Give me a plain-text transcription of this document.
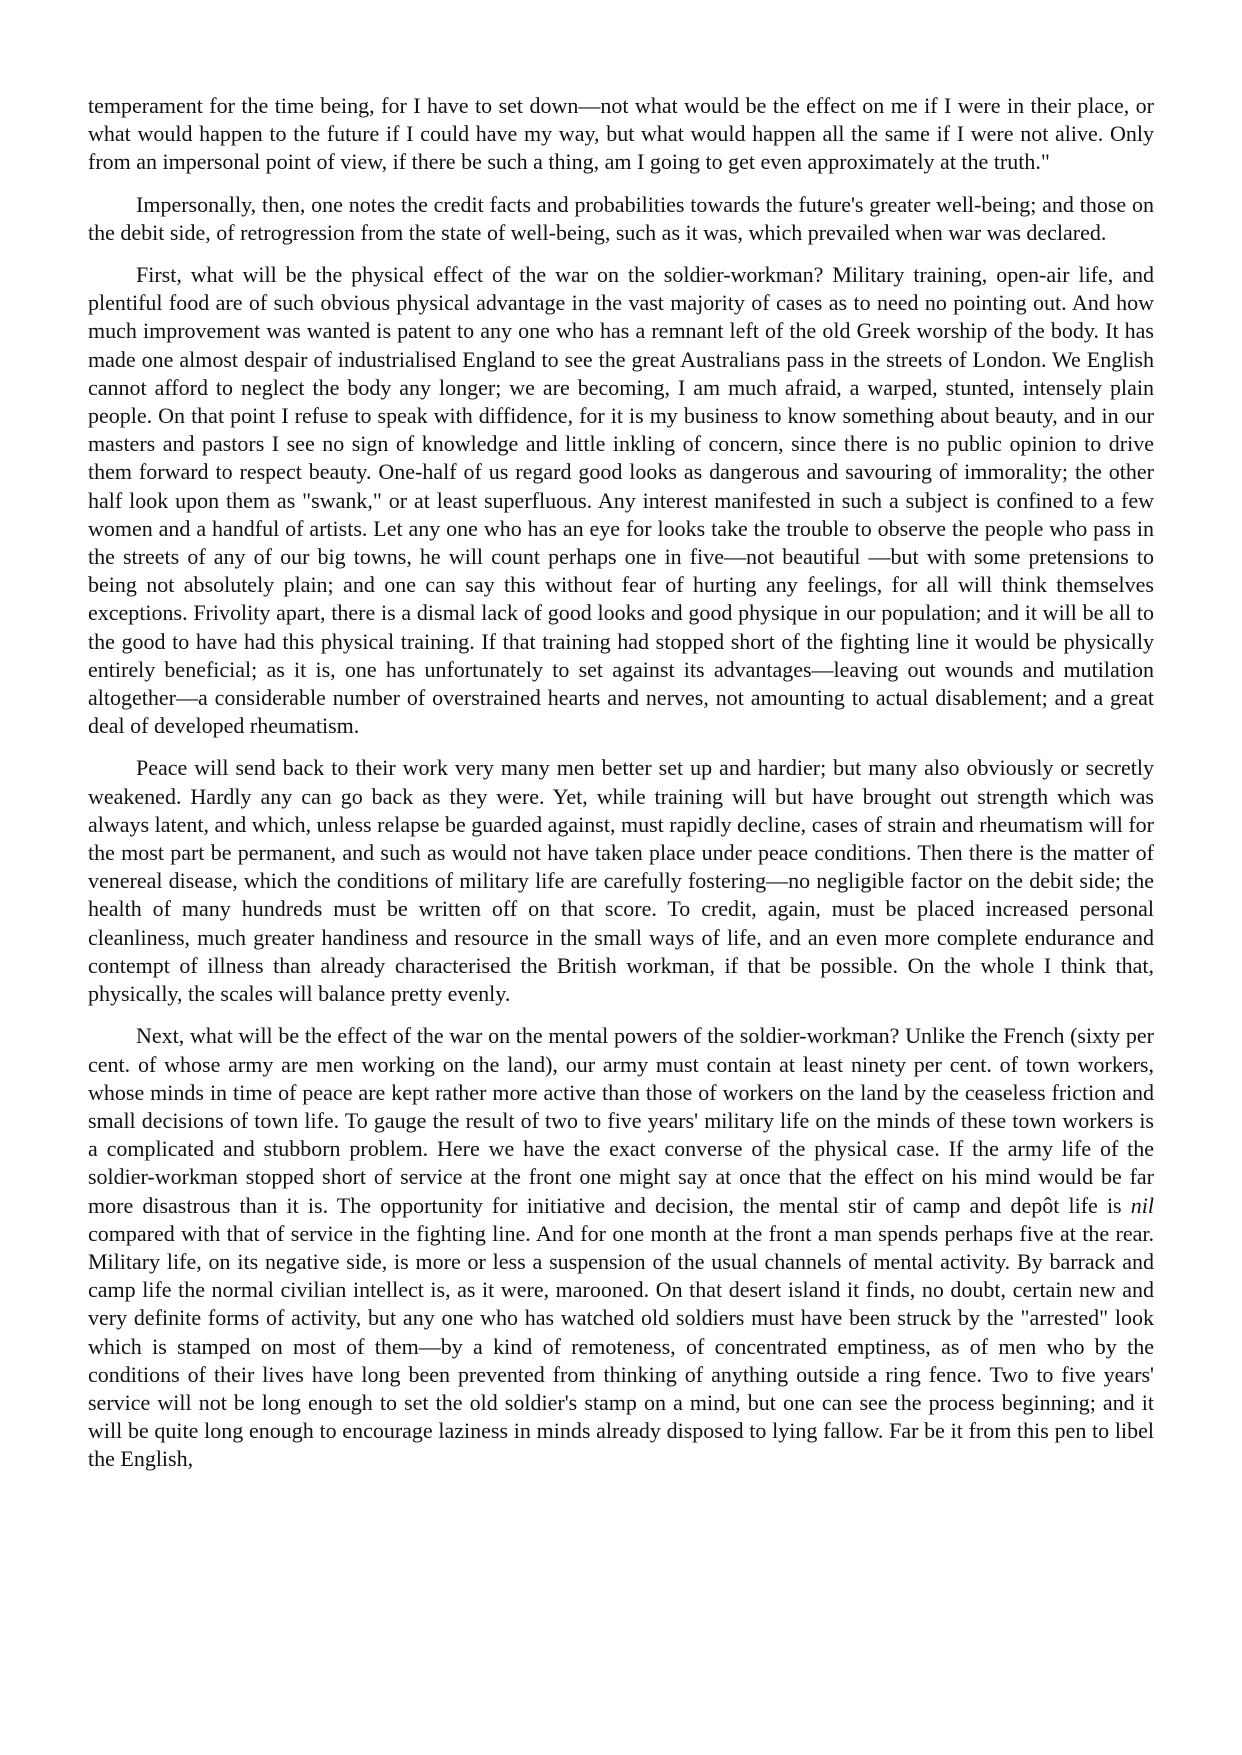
temperament for the time being, for I have to set down—not what would be the effect on me if I were in their place, or what would happen to the future if I could have my way, but what would happen all the same if I were not alive. Only from an impersonal point of view, if there be such a thing, am I going to get even approximately at the truth."

Impersonally, then, one notes the credit facts and probabilities towards the future's greater well-being; and those on the debit side, of retrogression from the state of well-being, such as it was, which prevailed when war was declared.

First, what will be the physical effect of the war on the soldier-workman? Military training, open-air life, and plentiful food are of such obvious physical advantage in the vast majority of cases as to need no pointing out. And how much improvement was wanted is patent to any one who has a remnant left of the old Greek worship of the body. It has made one almost despair of industrialised England to see the great Australians pass in the streets of London. We English cannot afford to neglect the body any longer; we are becoming, I am much afraid, a warped, stunted, intensely plain people. On that point I refuse to speak with diffidence, for it is my business to know something about beauty, and in our masters and pastors I see no sign of knowledge and little inkling of concern, since there is no public opinion to drive them forward to respect beauty. One-half of us regard good looks as dangerous and savouring of immorality; the other half look upon them as "swank," or at least superfluous. Any interest manifested in such a subject is confined to a few women and a handful of artists. Let any one who has an eye for looks take the trouble to observe the people who pass in the streets of any of our big towns, he will count perhaps one in five—not beautiful —but with some pretensions to being not absolutely plain; and one can say this without fear of hurting any feelings, for all will think themselves exceptions. Frivolity apart, there is a dismal lack of good looks and good physique in our population; and it will be all to the good to have had this physical training. If that training had stopped short of the fighting line it would be physically entirely beneficial; as it is, one has unfortunately to set against its advantages—leaving out wounds and mutilation altogether—a considerable number of overstrained hearts and nerves, not amounting to actual disablement; and a great deal of developed rheumatism.

Peace will send back to their work very many men better set up and hardier; but many also obviously or secretly weakened. Hardly any can go back as they were. Yet, while training will but have brought out strength which was always latent, and which, unless relapse be guarded against, must rapidly decline, cases of strain and rheumatism will for the most part be permanent, and such as would not have taken place under peace conditions. Then there is the matter of venereal disease, which the conditions of military life are carefully fostering—no negligible factor on the debit side; the health of many hundreds must be written off on that score. To credit, again, must be placed increased personal cleanliness, much greater handiness and resource in the small ways of life, and an even more complete endurance and contempt of illness than already characterised the British workman, if that be possible. On the whole I think that, physically, the scales will balance pretty evenly.

Next, what will be the effect of the war on the mental powers of the soldier-workman? Unlike the French (sixty per cent. of whose army are men working on the land), our army must contain at least ninety per cent. of town workers, whose minds in time of peace are kept rather more active than those of workers on the land by the ceaseless friction and small decisions of town life. To gauge the result of two to five years' military life on the minds of these town workers is a complicated and stubborn problem. Here we have the exact converse of the physical case. If the army life of the soldier-workman stopped short of service at the front one might say at once that the effect on his mind would be far more disastrous than it is. The opportunity for initiative and decision, the mental stir of camp and depôt life is nil compared with that of service in the fighting line. And for one month at the front a man spends perhaps five at the rear. Military life, on its negative side, is more or less a suspension of the usual channels of mental activity. By barrack and camp life the normal civilian intellect is, as it were, marooned. On that desert island it finds, no doubt, certain new and very definite forms of activity, but any one who has watched old soldiers must have been struck by the "arrested" look which is stamped on most of them—by a kind of remoteness, of concentrated emptiness, as of men who by the conditions of their lives have long been prevented from thinking of anything outside a ring fence. Two to five years' service will not be long enough to set the old soldier's stamp on a mind, but one can see the process beginning; and it will be quite long enough to encourage laziness in minds already disposed to lying fallow. Far be it from this pen to libel the English,
